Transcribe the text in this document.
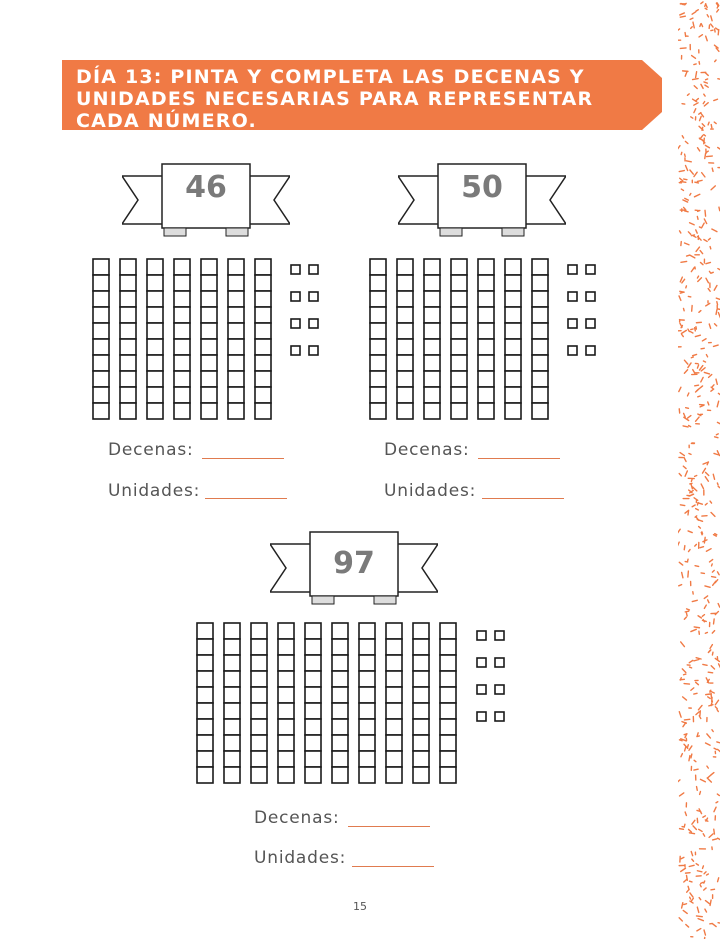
DÍA 13: PINTA Y COMPLETA LAS DECENAS Y
UNIDADES NECESARIAS PARA REPRESENTAR
CADA NÚMERO.
46
Decenas:
Unidades:
50
Decenas:
Unidades:
97
Decenas:
Unidades:
15
